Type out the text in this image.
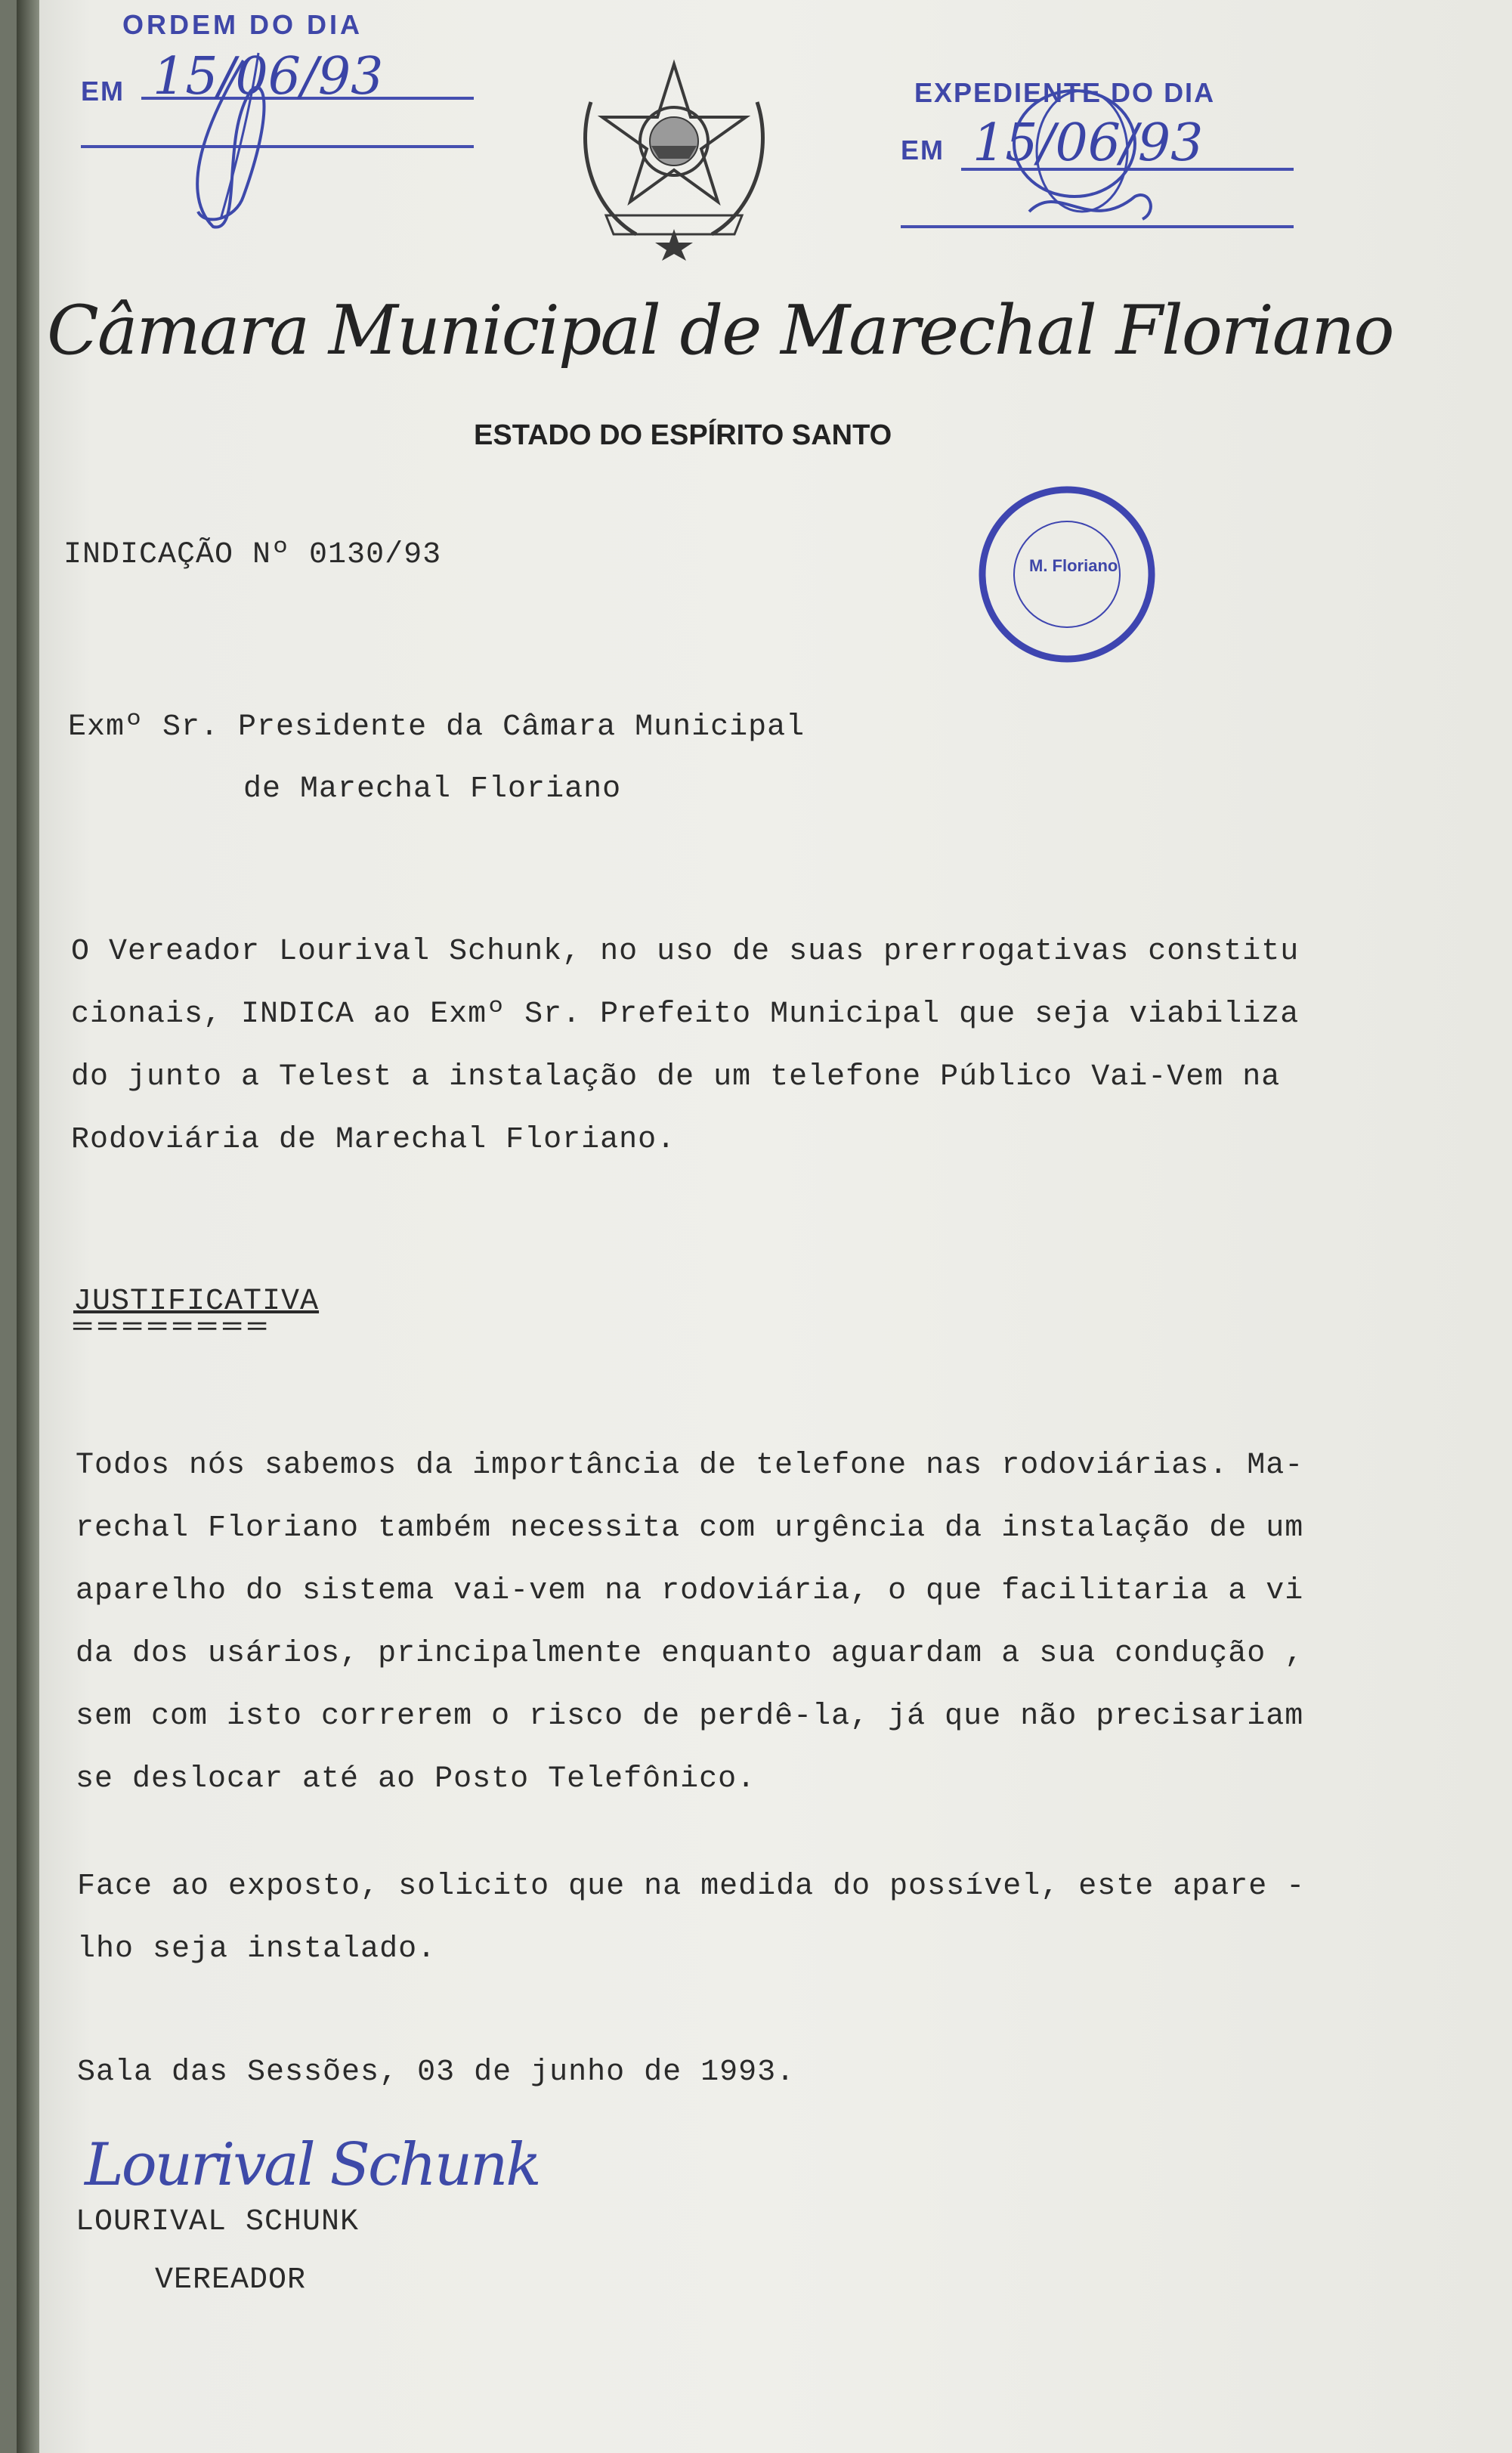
ORDEM DO DIA
EM 15/06/93	EXPEDIENTE DO DIA
EM 15/06/93
Câmara Municipal de Marechal Floriano
ESTADO DO ESPÍRITO SANTO
M. Floriano
INDICAÇÃO Nº 0130/93
Exmº Sr. Presidente da Câmara Municipal
de Marechal Floriano
O Vereador Lourival Schunk, no uso de suas prerrogativas constitu
cionais, INDICA ao Exmº Sr. Prefeito Municipal que seja viabiliza
do junto a Telest a instalação de um telefone Público Vai-Vem na
Rodoviária de Marechal Floriano.
JUSTIFICATIVA
════════
Todos nós sabemos da importância de telefone nas rodoviárias. Ma-
rechal Floriano também necessita com urgência da instalação de um
aparelho do sistema vai-vem na rodoviária, o que facilitaria a vi
da dos usários, principalmente enquanto aguardam a sua condução ,
sem com isto correrem o risco de perdê-la, já que não precisariam
se deslocar até ao Posto Telefônico.
Face ao exposto, solicito que na medida do possível, este apare -
lho seja instalado.
Sala das Sessões, 03 de junho de 1993.
Lourival Schunk
LOURIVAL SCHUNK
VEREADOR
